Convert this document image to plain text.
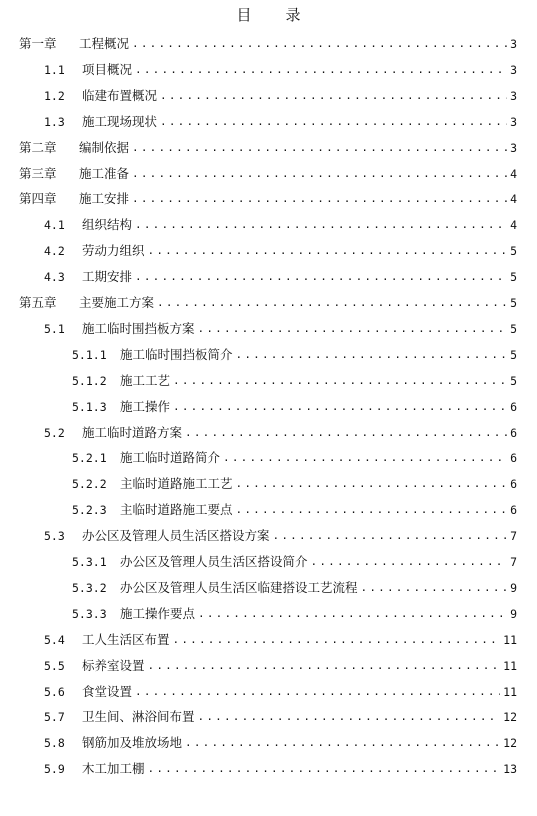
目 录
第一章	工程概况 .....	3
1.1	项目概况 .....	3
1.2	临建布置概况 .....	3
1.3	施工现场现状 .....	3
第二章	编制依据 .....	3
第三章	施工准备 .....	4
第四章	施工安排 .....	4
4.1	组织结构 .....	4
4.2	劳动力组织 .....	5
4.3	工期安排 .....	5
第五章	主要施工方案 .....	5
5.1	施工临时围挡板方案 .....	5
5.1.1	施工临时围挡板简介 .....	5
5.1.2	施工工艺 .....	5
5.1.3	施工操作 .....	6
5.2	施工临时道路方案 .....	6
5.2.1	施工临时道路简介 .....	6
5.2.2	主临时道路施工工艺 .....	6
5.2.3	主临时道路施工要点 .....	6
5.3	办公区及管理人员生活区搭设方案 .....	7
5.3.1	办公区及管理人员生活区搭设简介 .....	7
5.3.2	办公区及管理人员生活区临建搭设工艺流程 .....	9
5.3.3	施工操作要点 .....	9
5.4	工人生活区布置 .....	11
5.5	标养室设置 .....	11
5.6	食堂设置 .....	11
5.7	卫生间、淋浴间布置 .....	12
5.8	钢筋加及堆放场地 .....	12
5.9	木工加工棚 .....	13
